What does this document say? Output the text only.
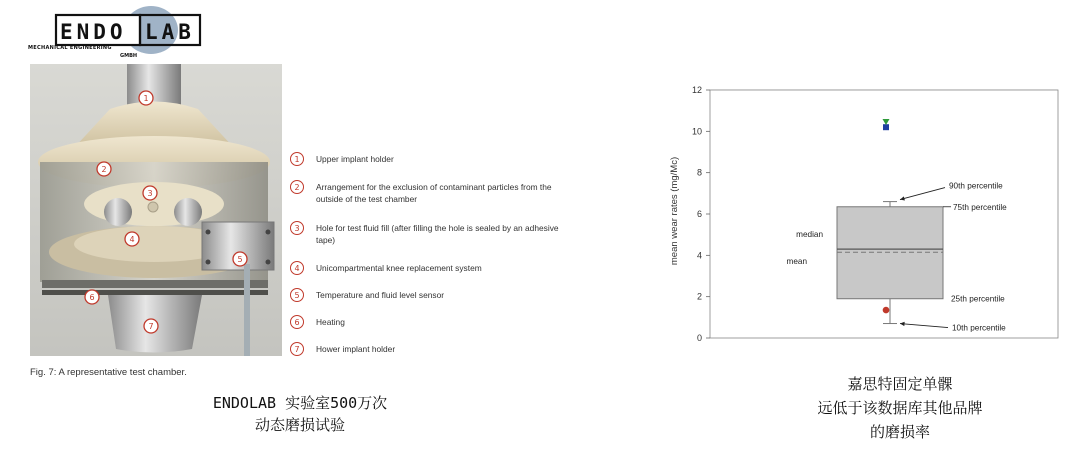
ENDO LAB
MECHANICAL ENGINEERING
GMBH
1
2
3
4
5
6
7
1	Upper implant holder
2	Arrangement for the exclusion of contaminant particles from the outside of the test chamber
3	Hole for test fluid fill (after filling the hole is sealed by an adhesive tape)
4	Unicompartmental knee replacement system
5	Temperature and fluid level sensor
6	Heating
7	Hower implant holder
Fig. 7: A representative test chamber.
ENDOLAB 实验室500万次
动态磨损试验
0
2
4
6
8
10
12
90th percentile
75th percentile
median
mean
25th percentile
10th percentile
mean wear rates (mg/Mc)
嘉思特固定单髁
远低于该数据库其他品牌
的磨损率
